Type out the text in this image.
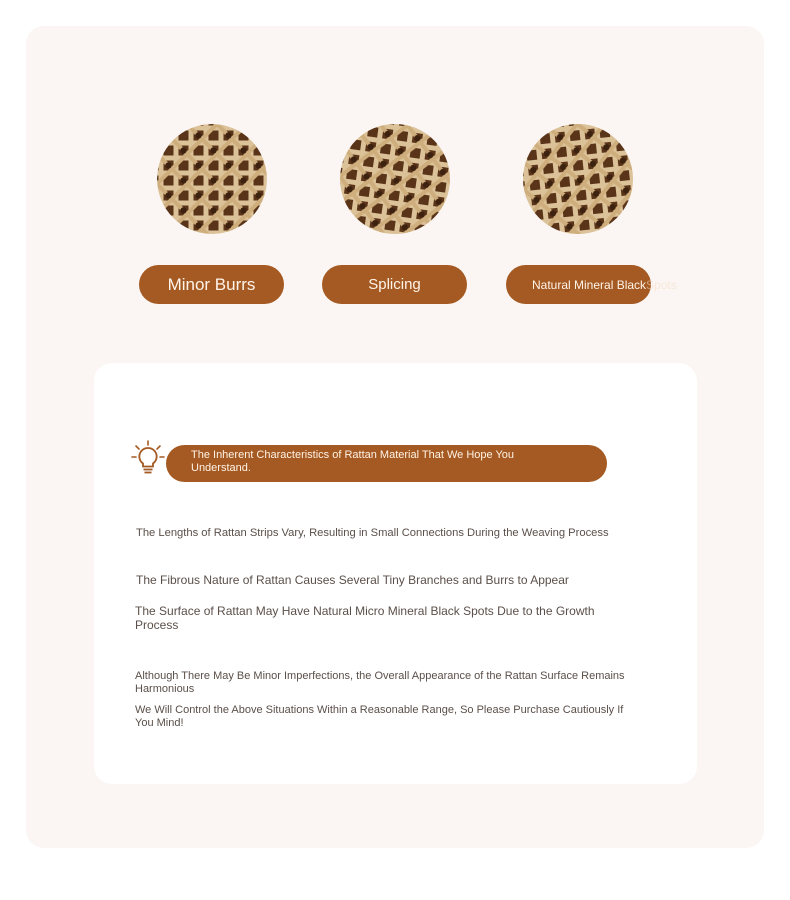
Minor Burrs	Splicing	Natural Mineral Black Spots
The Inherent Characteristics of Rattan Material That We Hope You Understand.
The Lengths of Rattan Strips Vary, Resulting in Small Connections During the Weaving Process
The Fibrous Nature of Rattan Causes Several Tiny Branches and Burrs to Appear
The Surface of Rattan May Have Natural Micro Mineral Black Spots Due to the Growth Process
Although There May Be Minor Imperfections, the Overall Appearance of the Rattan Surface Remains Harmonious
We Will Control the Above Situations Within a Reasonable Range, So Please Purchase Cautiously If You Mind!
